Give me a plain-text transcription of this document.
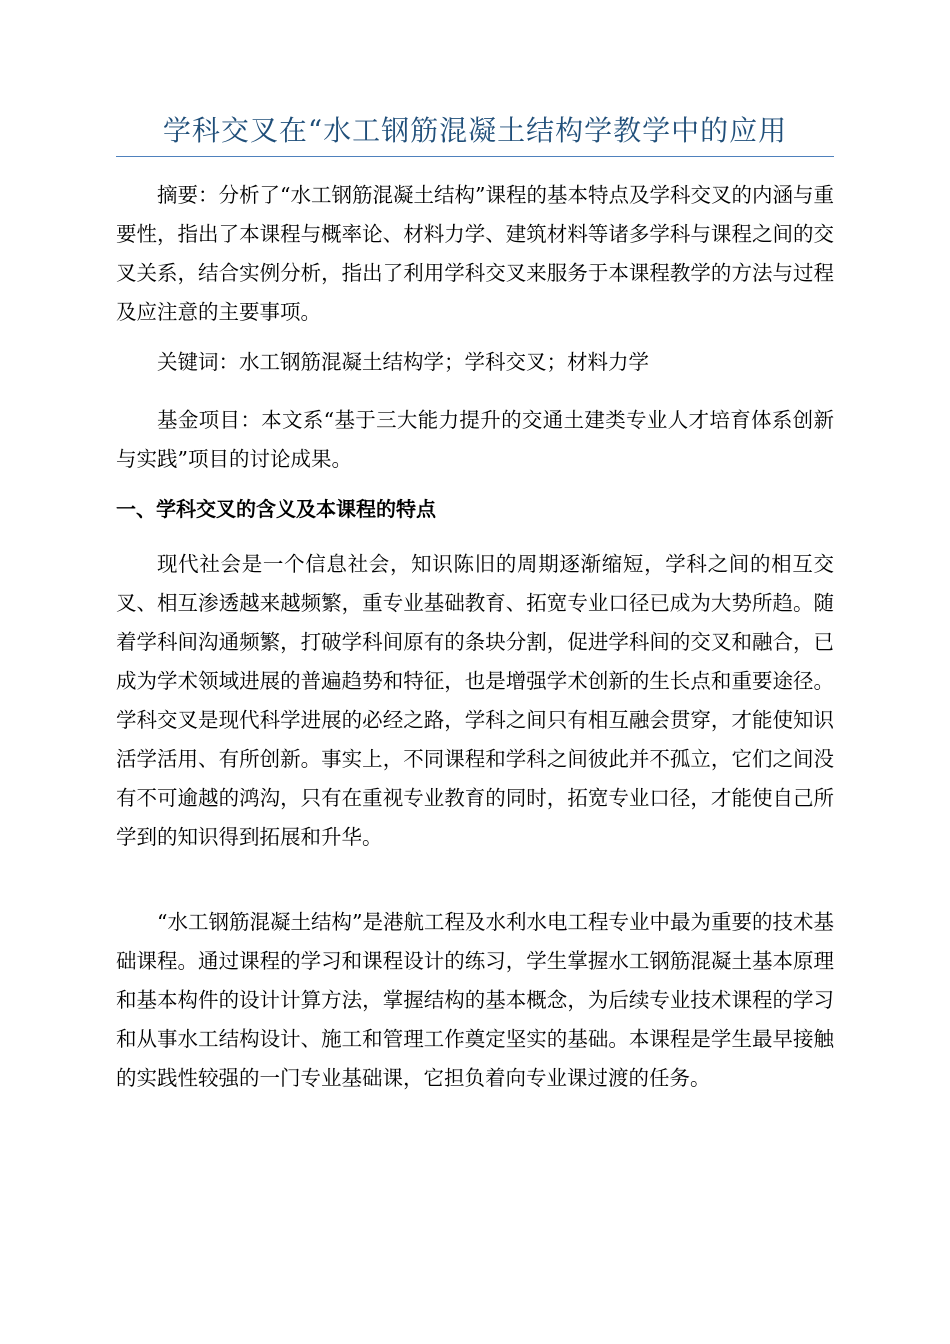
学科交叉在“水工钢筋混凝土结构学教学中的应用

摘要：分析了“水工钢筋混凝土结构”课程的基本特点及学科交叉的内涵与重要性，指出了本课程与概率论、材料力学、建筑材料等诸多学科与课程之间的交叉关系，结合实例分析，指出了利用学科交叉来服务于本课程教学的方法与过程及应注意的主要事项。

关键词：水工钢筋混凝土结构学；学科交叉；材料力学

基金项目：本文系“基于三大能力提升的交通土建类专业人才培育体系创新与实践”项目的讨论成果。

一、学科交叉的含义及本课程的特点

现代社会是一个信息社会，知识陈旧的周期逐渐缩短，学科之间的相互交叉、相互渗透越来越频繁，重专业基础教育、拓宽专业口径已成为大势所趋。随着学科间沟通频繁，打破学科间原有的条块分割，促进学科间的交叉和融合，已成为学术领域进展的普遍趋势和特征，也是增强学术创新的生长点和重要途径。学科交叉是现代科学进展的必经之路，学科之间只有相互融会贯穿，才能使知识活学活用、有所创新。事实上，不同课程和学科之间彼此并不孤立，它们之间没有不可逾越的鸿沟，只有在重视专业教育的同时，拓宽专业口径，才能使自己所学到的知识得到拓展和升华。

“水工钢筋混凝土结构”是港航工程及水利水电工程专业中最为重要的技术基础课程。通过课程的学习和课程设计的练习，学生掌握水工钢筋混凝土基本原理和基本构件的设计计算方法，掌握结构的基本概念，为后续专业技术课程的学习和从事水工结构设计、施工和管理工作奠定坚实的基础。本课程是学生最早接触的实践性较强的一门专业基础课，它担负着向专业课过渡的任务。
